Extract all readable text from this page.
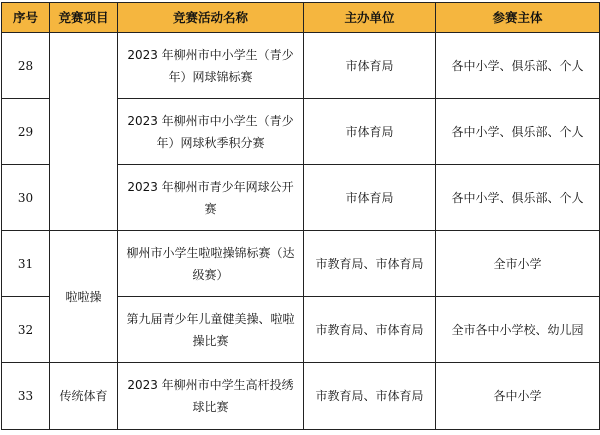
序号	竞赛项目	竞赛活动名称	主办单位	参赛主体
28		2023 年柳州市中小学生（青少年）网球锦标赛	市体育局	各中小学、俱乐部、个人
29		2023 年柳州市中小学生（青少年）网球秋季积分赛	市体育局	各中小学、俱乐部、个人
30		2023 年柳州市青少年网球公开赛	市体育局	各中小学、俱乐部、个人
31	啦啦操	柳州市小学生啦啦操锦标赛（达级赛）	市教育局、市体育局	全市小学
32		第九届青少年儿童健美操、啦啦操比赛	市教育局、市体育局	全市各中小学校、幼儿园
33	传统体育	2023 年柳州市中学生高杆投绣球比赛	市教育局、市体育局	各中小学
